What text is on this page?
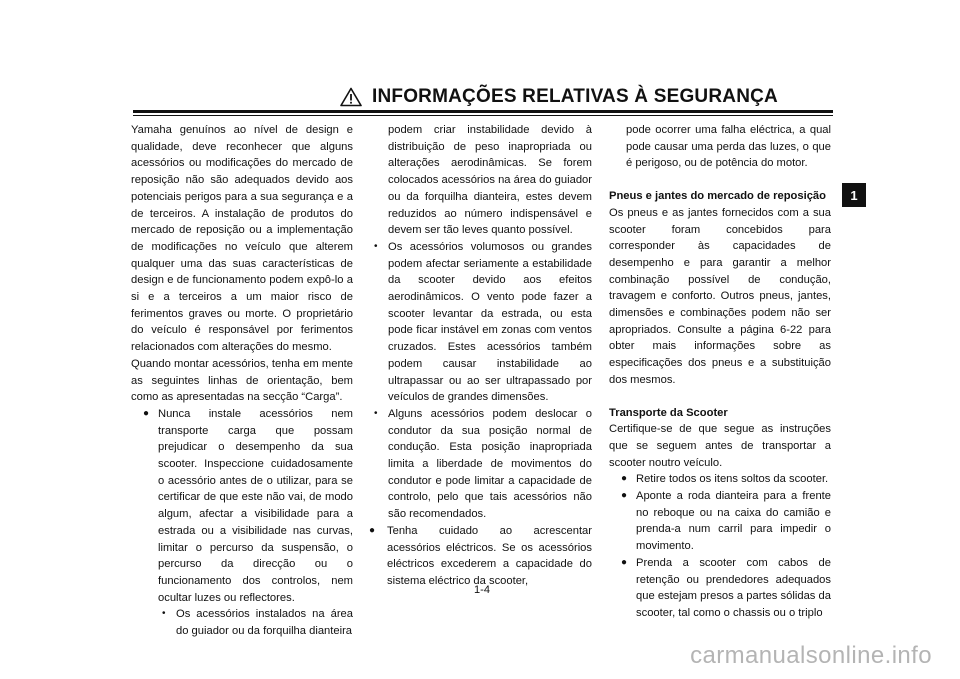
INFORMAÇÕES RELATIVAS À SEGURANÇA
1

Yamaha genuínos ao nível de design e qualidade, deve reconhecer que alguns acessórios ou modificações do mercado de reposição não são adequados devido aos potenciais perigos para a sua segurança e a de terceiros. A instalação de produtos do mercado de reposição ou a implementação de modificações no veículo que alterem qualquer uma das suas características de design e de funcionamento podem expô-lo a si e a terceiros a um maior risco de ferimentos graves ou morte. O proprietário do veículo é responsável por ferimentos relacionados com alterações do mesmo.

Quando montar acessórios, tenha em mente as seguintes linhas de orientação, bem como as apresentadas na secção “Carga”.

● Nunca instale acessórios nem transporte carga que possam prejudicar o desempenho da sua scooter. Inspeccione cuidadosamente o acessório antes de o utilizar, para se certificar de que este não vai, de modo algum, afectar a visibilidade para a estrada ou a visibilidade nas curvas, limitar o percurso da suspensão, o percurso da direcção ou o funcionamento dos controlos, nem ocultar luzes ou reflectores.

• Os acessórios instalados na área do guiador ou da forquilha dianteira

podem criar instabilidade devido à distribuição de peso inapropriada ou alterações aerodinâmicas. Se forem colocados acessórios na área do guiador ou da forquilha dianteira, estes devem reduzidos ao número indispensável e devem ser tão leves quanto possível.

• Os acessórios volumosos ou grandes podem afectar seriamente a estabilidade da scooter devido aos efeitos aerodinâmicos. O vento pode fazer a scooter levantar da estrada, ou esta pode ficar instável em zonas com ventos cruzados. Estes acessórios também podem causar instabilidade ao ultrapassar ou ao ser ultrapassado por veículos de grandes dimensões.

• Alguns acessórios podem deslocar o condutor da sua posição normal de condução. Esta posição inapropriada limita a liberdade de movimentos do condutor e pode limitar a capacidade de controlo, pelo que tais acessórios não são recomendados.

● Tenha cuidado ao acrescentar acessórios eléctricos. Se os acessórios eléctricos excederem a capacidade do sistema eléctrico da scooter,

pode ocorrer uma falha eléctrica, a qual pode causar uma perda das luzes, o que é perigoso, ou de potência do motor.

Pneus e jantes do mercado de reposição

Os pneus e as jantes fornecidos com a sua scooter foram concebidos para corresponder às capacidades de desempenho e para garantir a melhor combinação possível de condução, travagem e conforto. Outros pneus, jantes, dimensões e combinações podem não ser apropriados. Consulte a página 6-22 para obter mais informações sobre as especificações dos pneus e a substituição dos mesmos.

Transporte da Scooter

Certifique-se de que segue as instruções que se seguem antes de transportar a scooter noutro veículo.

● Retire todos os itens soltos da scooter.

● Aponte a roda dianteira para a frente no reboque ou na caixa do camião e prenda-a num carril para impedir o movimento.

● Prenda a scooter com cabos de retenção ou prendedores adequados que estejam presos a partes sólidas da scooter, tal como o chassis ou o triplo

1-4
carmanualsonline.info
